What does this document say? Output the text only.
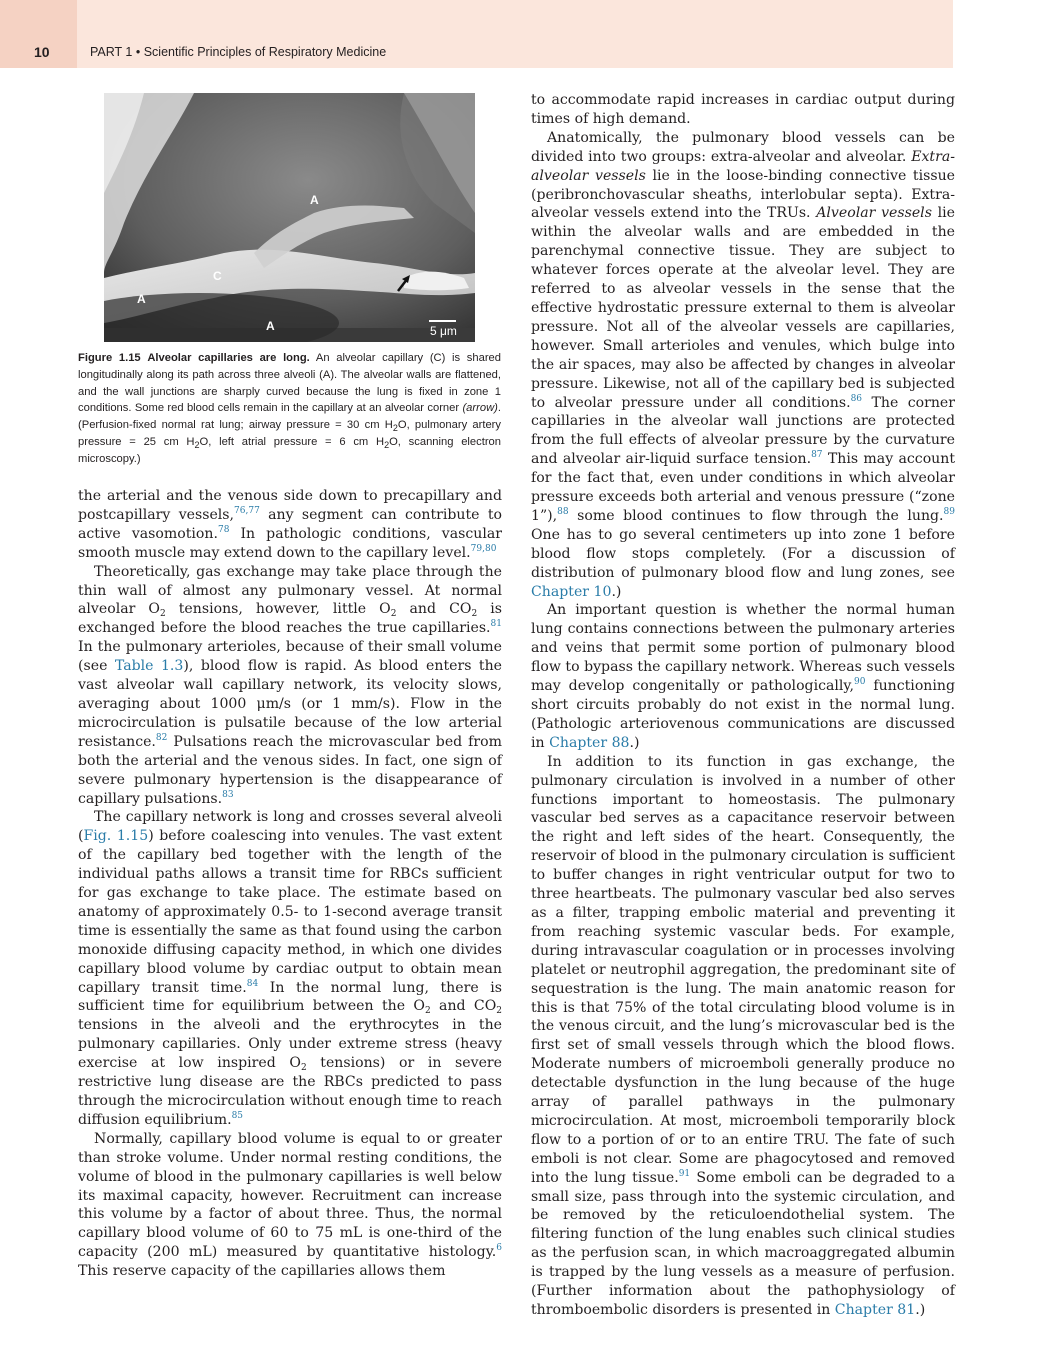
10	PART 1 • Scientific Principles of Respiratory Medicine
A
C
A
A	5 μm
Figure 1.15 Alveolar capillaries are long. An alveolar capillary (C) is shared longitudinally along its path across three alveoli (A). The alveolar walls are flattened, and the wall junctions are sharply curved because the lung is fixed in zone 1 conditions. Some red blood cells remain in the capillary at an alveolar corner (arrow). (Perfusion-fixed normal rat lung; airway pressure = 30 cm $H_2O$, pulmonary artery pressure = 25 cm $H_2O$, left atrial pressure = 6 cm $H_2O$, scanning electron microscopy.)

the arterial and the venous side down to precapillary and postcapillary vessels,$^{76,77}$ any segment can contribute to active vasomotion.$^{78}$ In pathologic conditions, vascular smooth muscle may extend down to the capillary level.$^{79,80}$

Theoretically, gas exchange may take place through the thin wall of almost any pulmonary vessel. At normal alveolar $O_2$ tensions, however, little $O_2$ and $CO_2$ is exchanged before the blood reaches the true capillaries.$^{81}$ In the pulmonary arterioles, because of their small volume (see Table 1.3), blood flow is rapid. As blood enters the vast alveolar wall capillary network, its velocity slows, averaging about 1000 μm/s (or 1 mm/s). Flow in the microcirculation is pulsatile because of the low arterial resistance.$^{82}$ Pulsations reach the microvascular bed from both the arterial and the venous sides. In fact, one sign of severe pulmonary hypertension is the disappearance of capillary pulsations.$^{83}$

The capillary network is long and crosses several alveoli (Fig. 1.15) before coalescing into venules. The vast extent of the capillary bed together with the length of the individual paths allows a transit time for RBCs sufficient for gas exchange to take place. The estimate based on anatomy of approximately 0.5- to 1-second average transit time is essentially the same as that found using the carbon monoxide diffusing capacity method, in which one divides capillary blood volume by cardiac output to obtain mean capillary transit time.$^{84}$ In the normal lung, there is sufficient time for equilibrium between the $O_2$ and $CO_2$ tensions in the alveoli and the erythrocytes in the pulmonary capillaries. Only under extreme stress (heavy exercise at low inspired $O_2$ tensions) or in severe restrictive lung disease are the RBCs predicted to pass through the microcirculation without enough time to reach diffusion equilibrium.$^{85}$

Normally, capillary blood volume is equal to or greater than stroke volume. Under normal resting conditions, the volume of blood in the pulmonary capillaries is well below its maximal capacity, however. Recruitment can increase this volume by a factor of about three. Thus, the normal capillary blood volume of 60 to 75 mL is one-third of the capacity (200 mL) measured by quantitative histology.$^6$ This reserve capacity of the capillaries allows them

to accommodate rapid increases in cardiac output during times of high demand.

Anatomically, the pulmonary blood vessels can be divided into two groups: extra-alveolar and alveolar. Extra-alveolar vessels lie in the loose-binding connective tissue (peribronchovascular sheaths, interlobular septa). Extra-alveolar vessels extend into the TRUs. Alveolar vessels lie within the alveolar walls and are embedded in the parenchymal connective tissue. They are subject to whatever forces operate at the alveolar level. They are referred to as alveolar vessels in the sense that the effective hydrostatic pressure external to them is alveolar pressure. Not all of the alveolar vessels are capillaries, however. Small arterioles and venules, which bulge into the air spaces, may also be affected by changes in alveolar pressure. Likewise, not all of the capillary bed is subjected to alveolar pressure under all conditions.$^{86}$ The corner capillaries in the alveolar wall junctions are protected from the full effects of alveolar pressure by the curvature and alveolar air-liquid surface tension.$^{87}$ This may account for the fact that, even under conditions in which alveolar pressure exceeds both arterial and venous pressure (“zone 1”),$^{88}$ some blood continues to flow through the lung.$^{89}$ One has to go several centimeters up into zone 1 before blood flow stops completely. (For a discussion of distribution of pulmonary blood flow and lung zones, see Chapter 10.)

An important question is whether the normal human lung contains connections between the pulmonary arteries and veins that permit some portion of pulmonary blood flow to bypass the capillary network. Whereas such vessels may develop congenitally or pathologically,$^{90}$ functioning short circuits probably do not exist in the normal lung. (Pathologic arteriovenous communications are discussed in Chapter 88.)

In addition to its function in gas exchange, the pulmonary circulation is involved in a number of other functions important to homeostasis. The pulmonary vascular bed serves as a capacitance reservoir between the right and left sides of the heart. Consequently, the reservoir of blood in the pulmonary circulation is sufficient to buffer changes in right ventricular output for two to three heartbeats. The pulmonary vascular bed also serves as a filter, trapping embolic material and preventing it from reaching systemic vascular beds. For example, during intravascular coagulation or in processes involving platelet or neutrophil aggregation, the predominant site of sequestration is the lung. The main anatomic reason for this is that 75% of the total circulating blood volume is in the venous circuit, and the lung’s microvascular bed is the first set of small vessels through which the blood flows. Moderate numbers of microemboli generally produce no detectable dysfunction in the lung because of the huge array of parallel pathways in the pulmonary microcirculation. At most, microemboli temporarily block flow to a portion of or to an entire TRU. The fate of such emboli is not clear. Some are phagocytosed and removed into the lung tissue.$^{91}$ Some emboli can be degraded to a small size, pass through into the systemic circulation, and be removed by the reticuloendothelial system. The filtering function of the lung enables such clinical studies as the perfusion scan, in which macroaggregated albumin is trapped by the lung vessels as a measure of perfusion. (Further information about the pathophysiology of thromboembolic disorders is presented in Chapter 81.)
